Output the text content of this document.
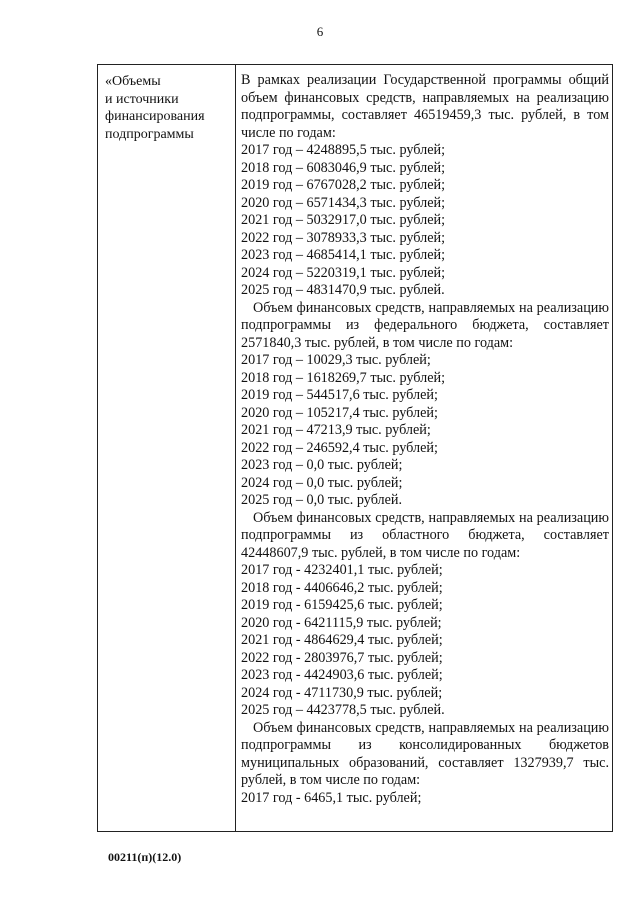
6
«Объемы
и источники
финансирования
подпрограммы

В рамках реализации Государственной программы общий объем финансовых средств, направляемых на реализацию подпрограммы, составляет 46519459,3 тыс. рублей, в том числе по годам:

2017 год – 4248895,5 тыс. рублей;
2018 год – 6083046,9 тыс. рублей;
2019 год – 6767028,2 тыс. рублей;
2020 год – 6571434,3 тыс. рублей;
2021 год – 5032917,0 тыс. рублей;
2022 год – 3078933,3 тыс. рублей;
2023 год – 4685414,1 тыс. рублей;
2024 год – 5220319,1 тыс. рублей;
2025 год – 4831470,9 тыс. рублей.

Объем финансовых средств, направляемых на реализацию подпрограммы из федерального бюджета, составляет 2571840,3 тыс. рублей, в том числе по годам:

2017 год – 10029,3 тыс. рублей;
2018 год – 1618269,7 тыс. рублей;
2019 год – 544517,6 тыс. рублей;
2020 год – 105217,4 тыс. рублей;
2021 год – 47213,9 тыс. рублей;
2022 год – 246592,4 тыс. рублей;
2023 год – 0,0 тыс. рублей;
2024 год – 0,0 тыс. рублей;
2025 год – 0,0 тыс. рублей.

Объем финансовых средств, направляемых на реализацию подпрограммы из областного бюджета, составляет 42448607,9 тыс. рублей, в том числе по годам:

2017 год - 4232401,1 тыс. рублей;
2018 год - 4406646,2 тыс. рублей;
2019 год - 6159425,6 тыс. рублей;
2020 год - 6421115,9 тыс. рублей;
2021 год - 4864629,4 тыс. рублей;
2022 год - 2803976,7 тыс. рублей;
2023 год - 4424903,6 тыс. рублей;
2024 год - 4711730,9 тыс. рублей;
2025 год – 4423778,5 тыс. рублей.

Объем финансовых средств, направляемых на реализацию подпрограммы из консолидированных бюджетов муниципальных образований, составляет 1327939,7 тыс. рублей, в том числе по годам:

2017 год - 6465,1 тыс. рублей;
00211(п)(12.0)
